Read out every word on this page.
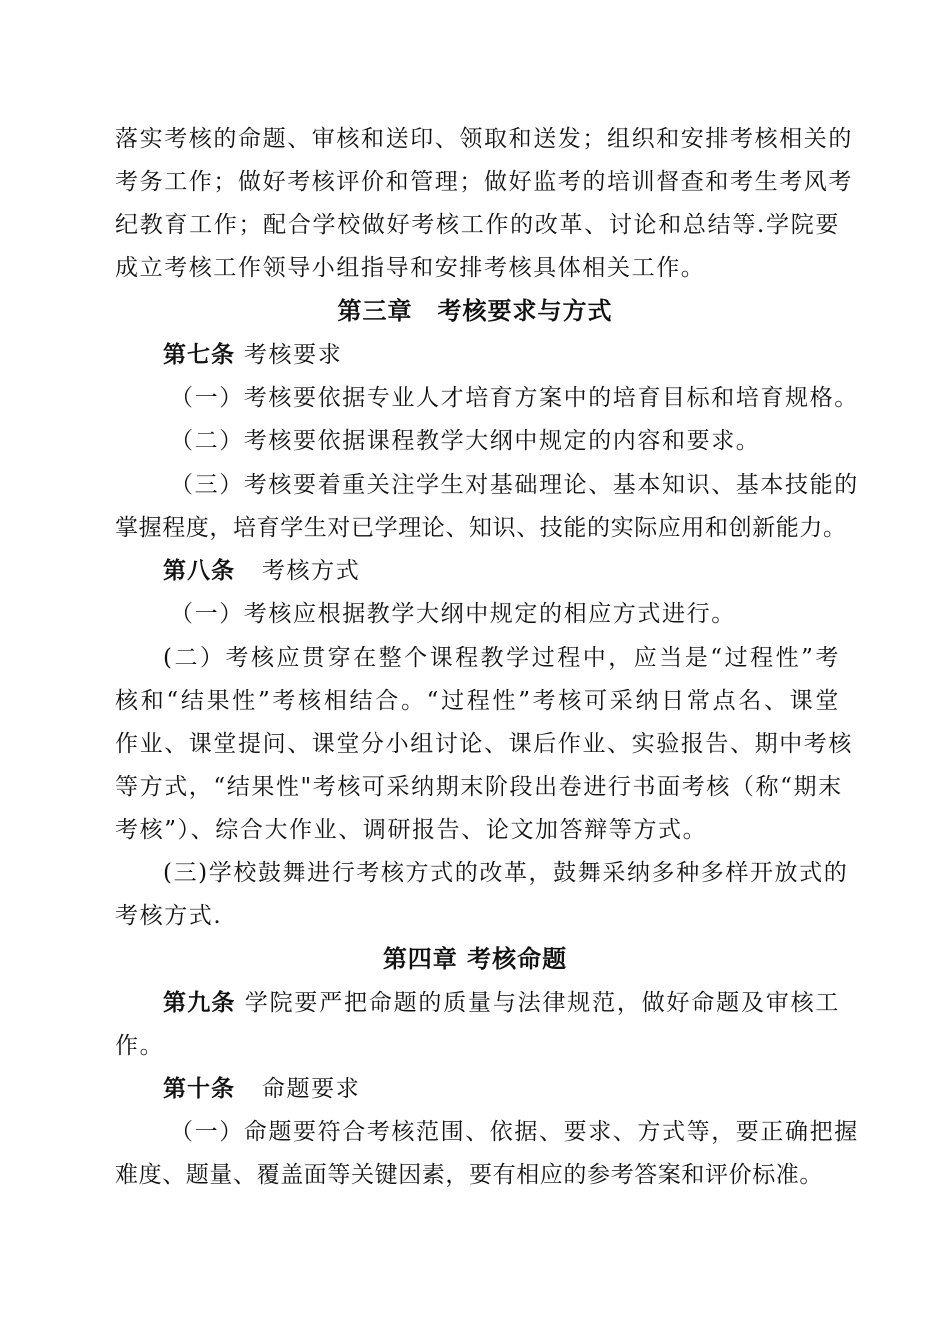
落实考核的命题、审核和送印、领取和送发；组织和安排考核相关的
考务工作；做好考核评价和管理；做好监考的培训督查和考生考风考
纪教育工作；配合学校做好考核工作的改革、讨论和总结等.学院要
成立考核工作领导小组指导和安排考核具体相关工作。
第三章　考核要求与方式
第七条 考核要求
（一）考核要依据专业人才培育方案中的培育目标和培育规格。
（二）考核要依据课程教学大纲中规定的内容和要求。
（三）考核要着重关注学生对基础理论、基本知识、基本技能的
掌握程度，培育学生对已学理论、知识、技能的实际应用和创新能力。
第八条 考核方式
（一）考核应根据教学大纲中规定的相应方式进行。
(二）考核应贯穿在整个课程教学过程中，应当是“过程性”考
核和“结果性”考核相结合。“过程性”考核可采纳日常点名、课堂
作业、课堂提问、课堂分小组讨论、课后作业、实验报告、期中考核
等方式，“结果性"考核可采纳期末阶段出卷进行书面考核（称“期末
考核”）、综合大作业、调研报告、论文加答辩等方式。
(三)学校鼓舞进行考核方式的改革，鼓舞采纳多种多样开放式的
考核方式.
第四章 考核命题
第九条 学院要严把命题的质量与法律规范，做好命题及审核工
作。
第十条 命题要求
（一）命题要符合考核范围、依据、要求、方式等，要正确把握
难度、题量、覆盖面等关键因素，要有相应的参考答案和评价标准。
